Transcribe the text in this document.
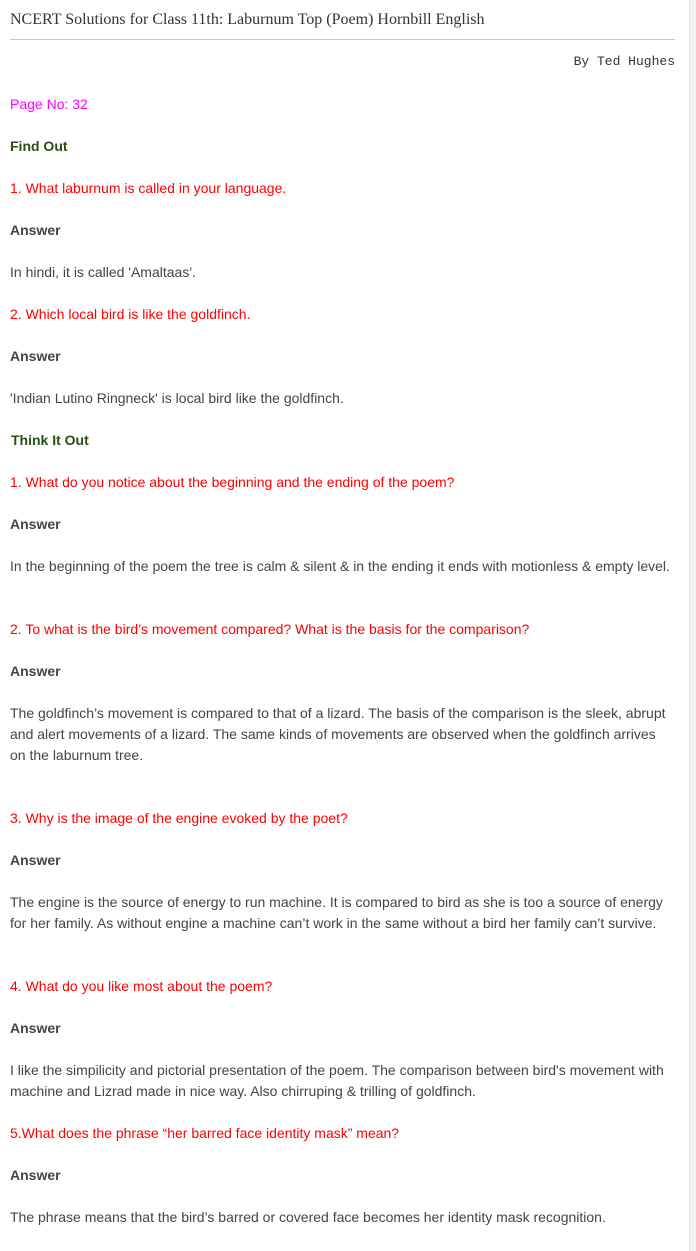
NCERT Solutions for Class 11th: Laburnum Top (Poem) Hornbill English
By Ted Hughes

Page No: 32

Find Out

1. What laburnum is called in your language.

Answer

In hindi, it is called 'Amaltaas'.

2. Which local bird is like the goldfinch.

Answer

'Indian Lutino Ringneck' is local bird like the goldfinch.

Think It Out

1. What do you notice about the beginning and the ending of the poem?

Answer

In the beginning of the poem the tree is calm & silent & in the ending it ends with motionless & empty level.

2. To what is the bird’s movement compared? What is the basis for the comparison?

Answer

The goldfinch’s movement is compared to that of a lizard. The basis of the comparison is the sleek, abrupt and alert movements of a lizard. The same kinds of movements are observed when the goldfinch arrives on the laburnum tree.

3. Why is the image of the engine evoked by the poet?

Answer

The engine is the source of energy to run machine. It is compared to bird as she is too a source of energy for her family. As without engine a machine can’t work in the same without a bird her family can’t survive.

4. What do you like most about the poem?

Answer

I like the simpilicity and pictorial presentation of the poem. The comparison between bird's movement with machine and Lizrad made in nice way. Also chirruping & trilling of goldfinch.

5.What does the phrase “her barred face identity mask” mean?

Answer

The phrase means that the bird’s barred or covered face becomes her identity mask recognition.
